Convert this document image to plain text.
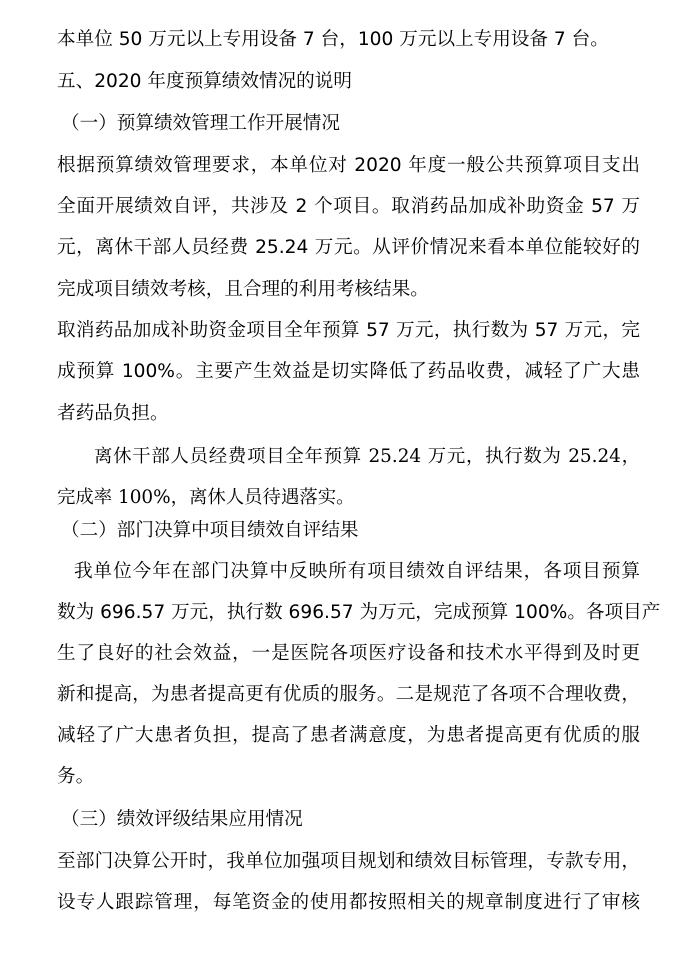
本单位 50 万元以上专用设备 7 台，100 万元以上专用设备 7 台。
五、2020 年度预算绩效情况的说明
（一）预算绩效管理工作开展情况
根据预算绩效管理要求，本单位对 2020 年度一般公共预算项目支出
全面开展绩效自评，共涉及 2 个项目。取消药品加成补助资金 57 万
元，离休干部人员经费 25.24 万元。从评价情况来看本单位能较好的
完成项目绩效考核，且合理的利用考核结果。
取消药品加成补助资金项目全年预算 57 万元，执行数为 57 万元，完
成预算 100%。主要产生效益是切实降低了药品收费，减轻了广大患
者药品负担。
离休干部人员经费项目全年预算 25.24 万元，执行数为 25.24，
完成率 100%，离休人员待遇落实。
（二）部门决算中项目绩效自评结果
我单位今年在部门决算中反映所有项目绩效自评结果，各项目预算
数为 696.57 万元，执行数 696.57 为万元，完成预算 100%。各项目产
生了良好的社会效益，一是医院各项医疗设备和技术水平得到及时更
新和提高，为患者提高更有优质的服务。二是规范了各项不合理收费，
减轻了广大患者负担，提高了患者满意度，为患者提高更有优质的服
务。
（三）绩效评级结果应用情况
至部门决算公开时，我单位加强项目规划和绩效目标管理，专款专用，
设专人跟踪管理，每笔资金的使用都按照相关的规章制度进行了审核
